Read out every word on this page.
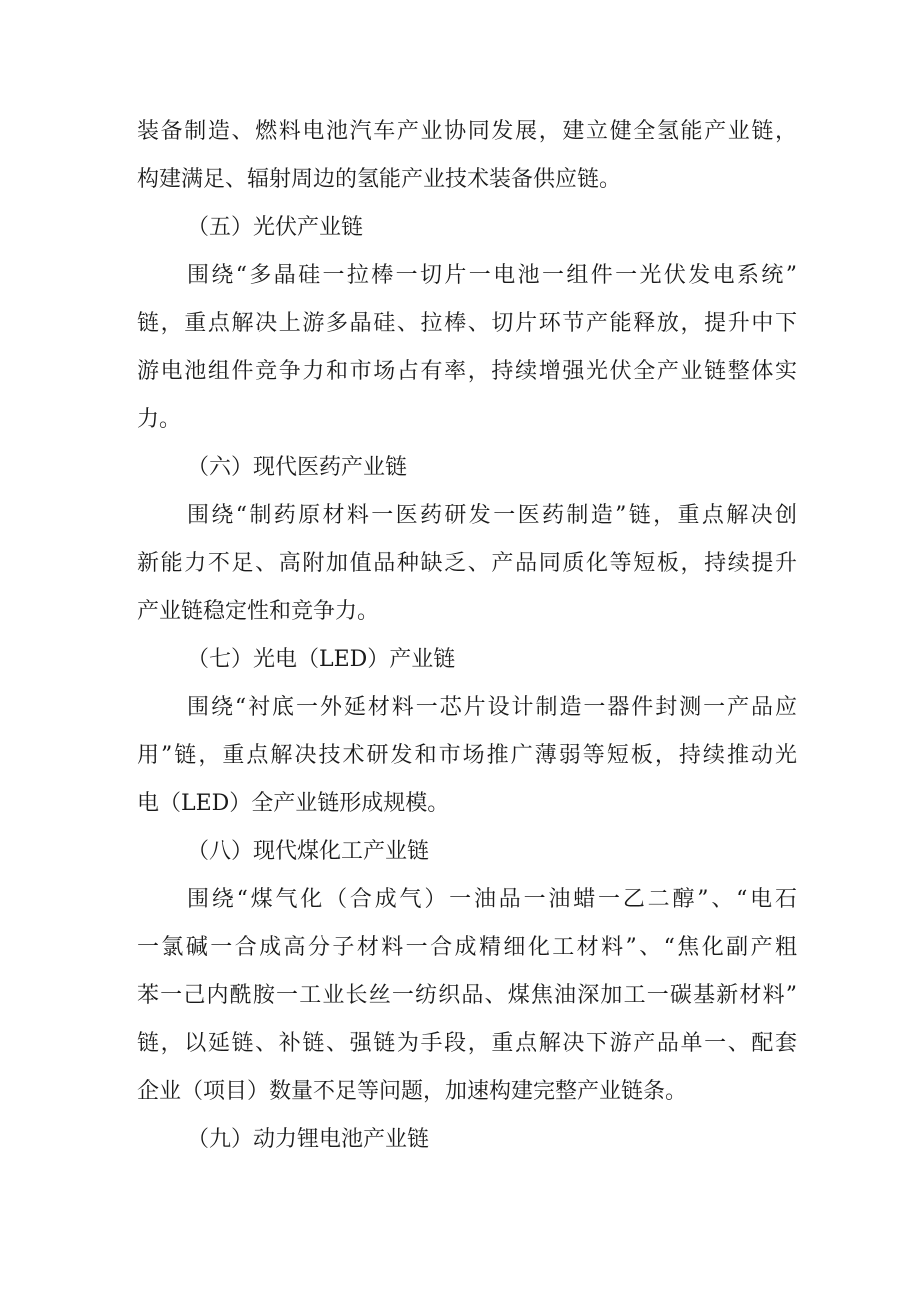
装备制造、燃料电池汽车产业协同发展，建立健全氢能产业链，
构建满足、辐射周边的氢能产业技术装备供应链。
（五）光伏产业链
围绕“多晶硅一拉棒一切片一电池一组件一光伏发电系统”
链，重点解决上游多晶硅、拉棒、切片环节产能释放，提升中下
游电池组件竞争力和市场占有率，持续增强光伏全产业链整体实
力。
（六）现代医药产业链
围绕“制药原材料一医药研发一医药制造”链，重点解决创
新能力不足、高附加值品种缺乏、产品同质化等短板，持续提升
产业链稳定性和竞争力。
（七）光电（LED）产业链
围绕“衬底一外延材料一芯片设计制造一器件封测一产品应
用”链，重点解决技术研发和市场推广薄弱等短板，持续推动光
电（LED）全产业链形成规模。
（八）现代煤化工产业链
围绕“煤气化（合成气）一油品一油蜡一乙二醇”、“电石
一氯碱一合成高分子材料一合成精细化工材料”、“焦化副产粗
苯一己内酰胺一工业长丝一纺织品、煤焦油深加工一碳基新材料”
链，以延链、补链、强链为手段，重点解决下游产品单一、配套
企业（项目）数量不足等问题，加速构建完整产业链条。
（九）动力锂电池产业链
